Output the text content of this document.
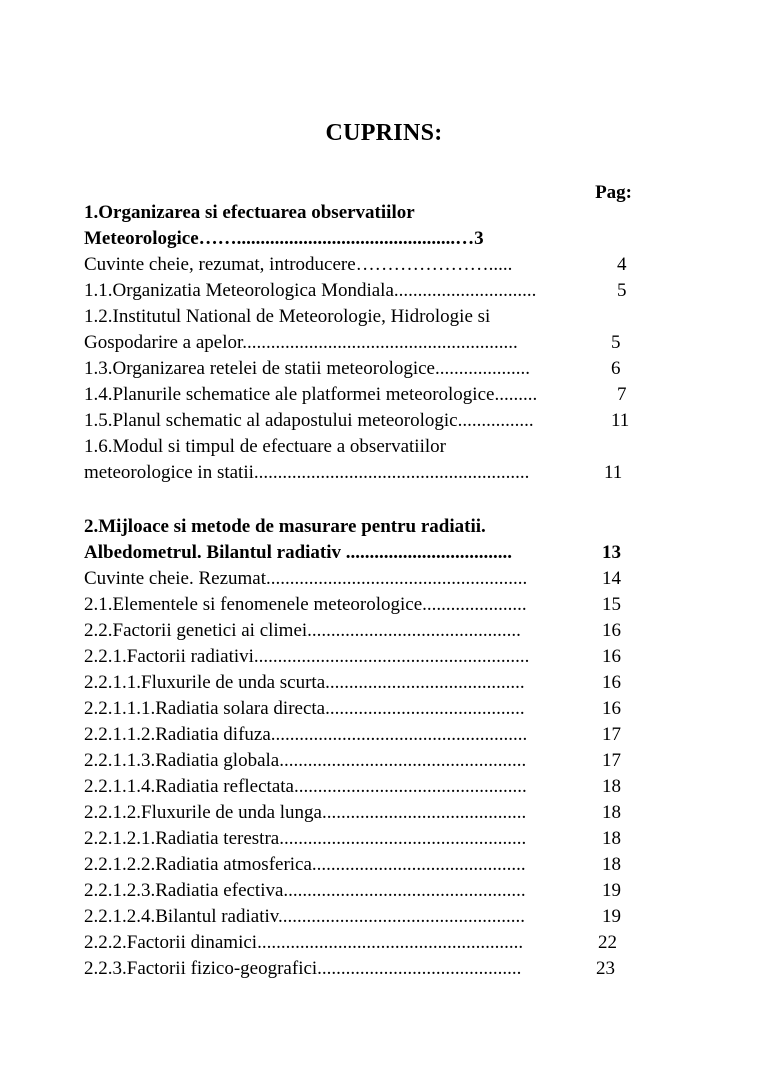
CUPRINS:
Pag:
1.Organizarea si efectuarea observatiilor
Meteorologice……..............................................…3
Cuvinte cheie, rezumat, introducere………………….....	4
1.1.Organizatia Meteorologica Mondiala..............................	5
1.2.Institutul National de Meteorologie, Hidrologie si
Gospodarire a apelor..........................................................	5
1.3.Organizarea retelei de statii meteorologice....................	6
1.4.Planurile schematice ale platformei meteorologice.........	7
1.5.Planul schematic al adapostului meteorologic................	11
1.6.Modul si timpul de efectuare a observatiilor
meteorologice in statii..........................................................	11
2.Mijloace si metode de masurare pentru radiatii.
Albedometrul. Bilantul radiativ ...................................	13
Cuvinte cheie. Rezumat.......................................................	14
2.1.Elementele si fenomenele meteorologice......................	15
2.2.Factorii genetici ai climei.............................................	16
2.2.1.Factorii radiativi..........................................................	16
2.2.1.1.Fluxurile de unda scurta..........................................	16
2.2.1.1.1.Radiatia solara directa..........................................	16
2.2.1.1.2.Radiatia difuza......................................................	17
2.2.1.1.3.Radiatia globala....................................................	17
2.2.1.1.4.Radiatia reflectata.................................................	18
2.2.1.2.Fluxurile de unda lunga...........................................	18
2.2.1.2.1.Radiatia terestra....................................................	18
2.2.1.2.2.Radiatia atmosferica.............................................	18
2.2.1.2.3.Radiatia efectiva...................................................	19
2.2.1.2.4.Bilantul radiativ....................................................	19
2.2.2.Factorii dinamici........................................................	22
2.2.3.Factorii fizico-geografici...........................................	23
